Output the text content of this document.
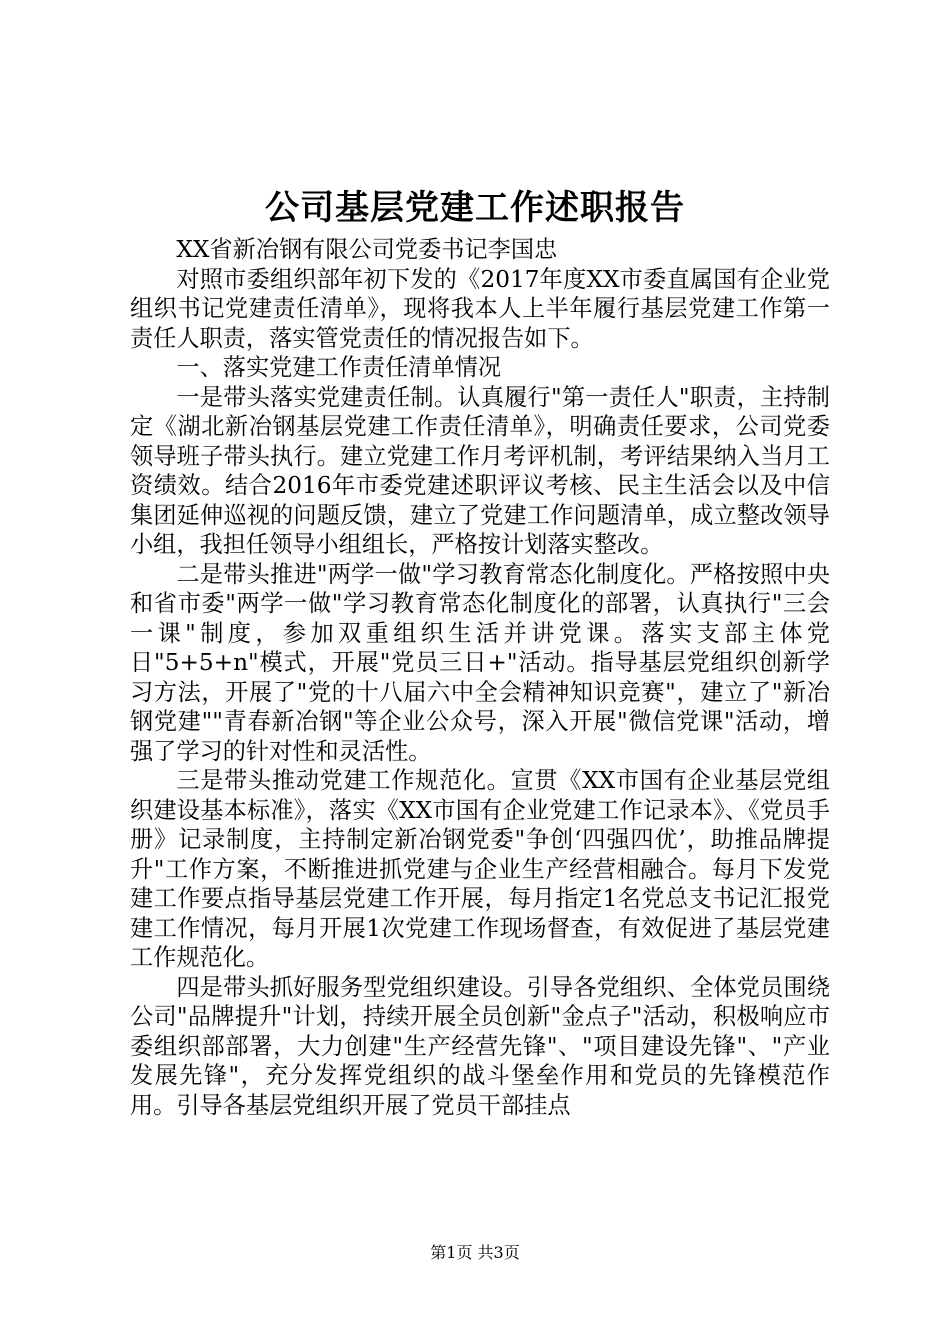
公司基层党建工作述职报告

XX省新冶钢有限公司党委书记李国忠

对照市委组织部年初下发的《2017年度XX市委直属国有企业党组织书记党建责任清单》，现将我本人上半年履行基层党建工作第一责任人职责，落实管党责任的情况报告如下。

一、落实党建工作责任清单情况

一是带头落实党建责任制。认真履行"第一责任人"职责，主持制定《湖北新冶钢基层党建工作责任清单》，明确责任要求，公司党委领导班子带头执行。建立党建工作月考评机制，考评结果纳入当月工资绩效。结合2016年市委党建述职评议考核、民主生活会以及中信集团延伸巡视的问题反馈，建立了党建工作问题清单，成立整改领导小组，我担任领导小组组长，严格按计划落实整改。

二是带头推进"两学一做"学习教育常态化制度化。严格按照中央和省市委"两学一做"学习教育常态化制度化的部署，认真执行"三会一课"制度，参加双重组织生活并讲党课。落实支部主体党日"5+5+n"模式，开展"党员三日+"活动。指导基层党组织创新学习方法，开展了"党的十八届六中全会精神知识竞赛"，建立了"新冶钢党建""青春新冶钢"等企业公众号，深入开展"微信党课"活动，增强了学习的针对性和灵活性。

三是带头推动党建工作规范化。宣贯《XX市国有企业基层党组织建设基本标准》，落实《XX市国有企业党建工作记录本》、《党员手册》记录制度，主持制定新冶钢党委"争创‘四强四优’，助推品牌提升"工作方案，不断推进抓党建与企业生产经营相融合。每月下发党建工作要点指导基层党建工作开展，每月指定1名党总支书记汇报党建工作情况，每月开展1次党建工作现场督查，有效促进了基层党建工作规范化。

四是带头抓好服务型党组织建设。引导各党组织、全体党员围绕公司"品牌提升"计划，持续开展全员创新"金点子"活动，积极响应市委组织部部署，大力创建"生产经营先锋"、"项目建设先锋"、"产业发展先锋"，充分发挥党组织的战斗堡垒作用和党员的先锋模范作用。引导各基层党组织开展了党员干部挂点

第1页 共3页
